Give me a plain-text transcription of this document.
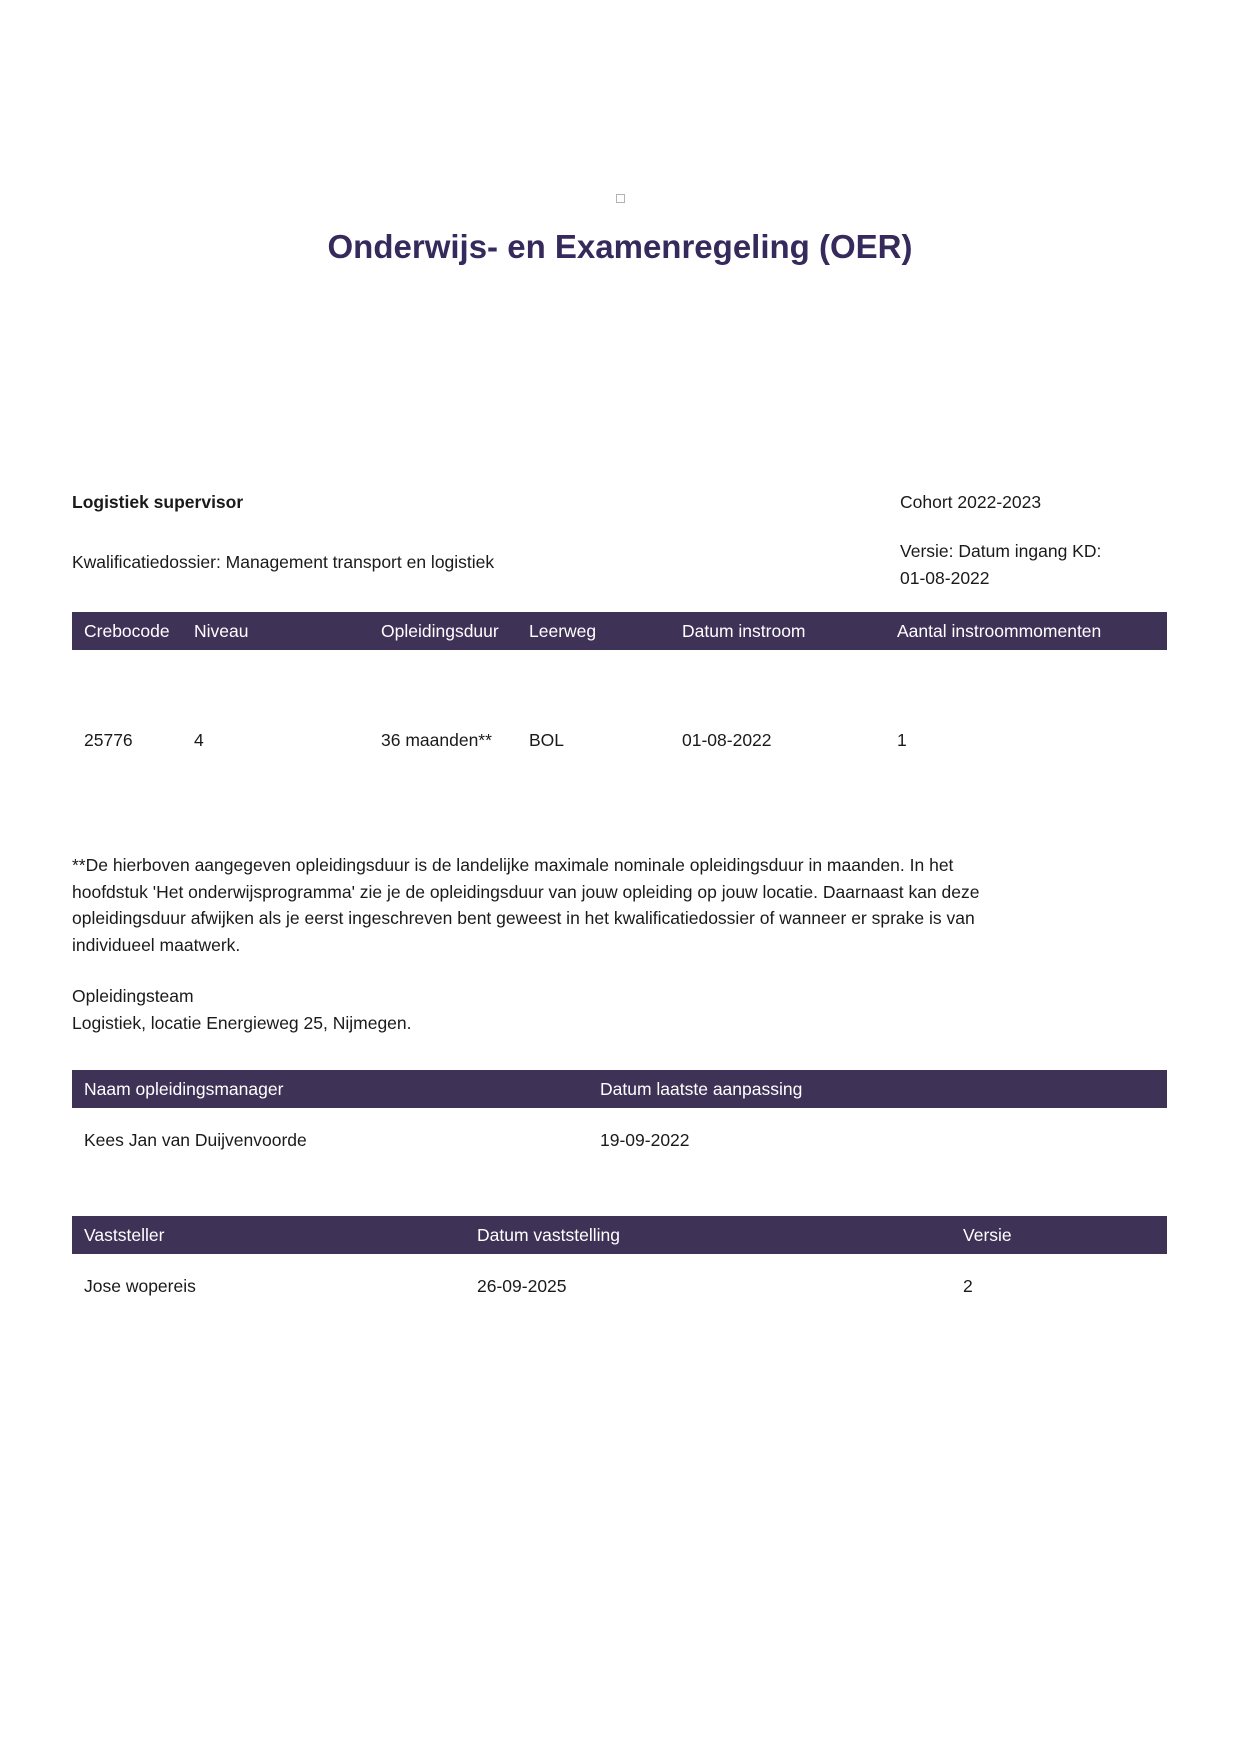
Onderwijs- en Examenregeling (OER)
Logistiek supervisor	Cohort 2022-2023
Kwalificatiedossier: Management transport en logistiek
Versie: Datum ingang KD:
01-08-2022
Crebocode	Niveau	Opleidingsduur	Leerweg	Datum instroom	Aantal instroommomenten
25776	4	36 maanden**	BOL	01-08-2022	1
**De hierboven aangegeven opleidingsduur is de landelijke maximale nominale opleidingsduur in maanden. In het
hoofdstuk 'Het onderwijsprogramma' zie je de opleidingsduur van jouw opleiding op jouw locatie. Daarnaast kan deze
opleidingsduur afwijken als je eerst ingeschreven bent geweest in het kwalificatiedossier of wanneer er sprake is van
individueel maatwerk.
Opleidingsteam
Logistiek, locatie Energieweg 25, Nijmegen.
Naam opleidingsmanager	Datum laatste aanpassing
Kees Jan van Duijvenvoorde	19-09-2022
Vaststeller	Datum vaststelling	Versie
Jose wopereis	26-09-2025	2
